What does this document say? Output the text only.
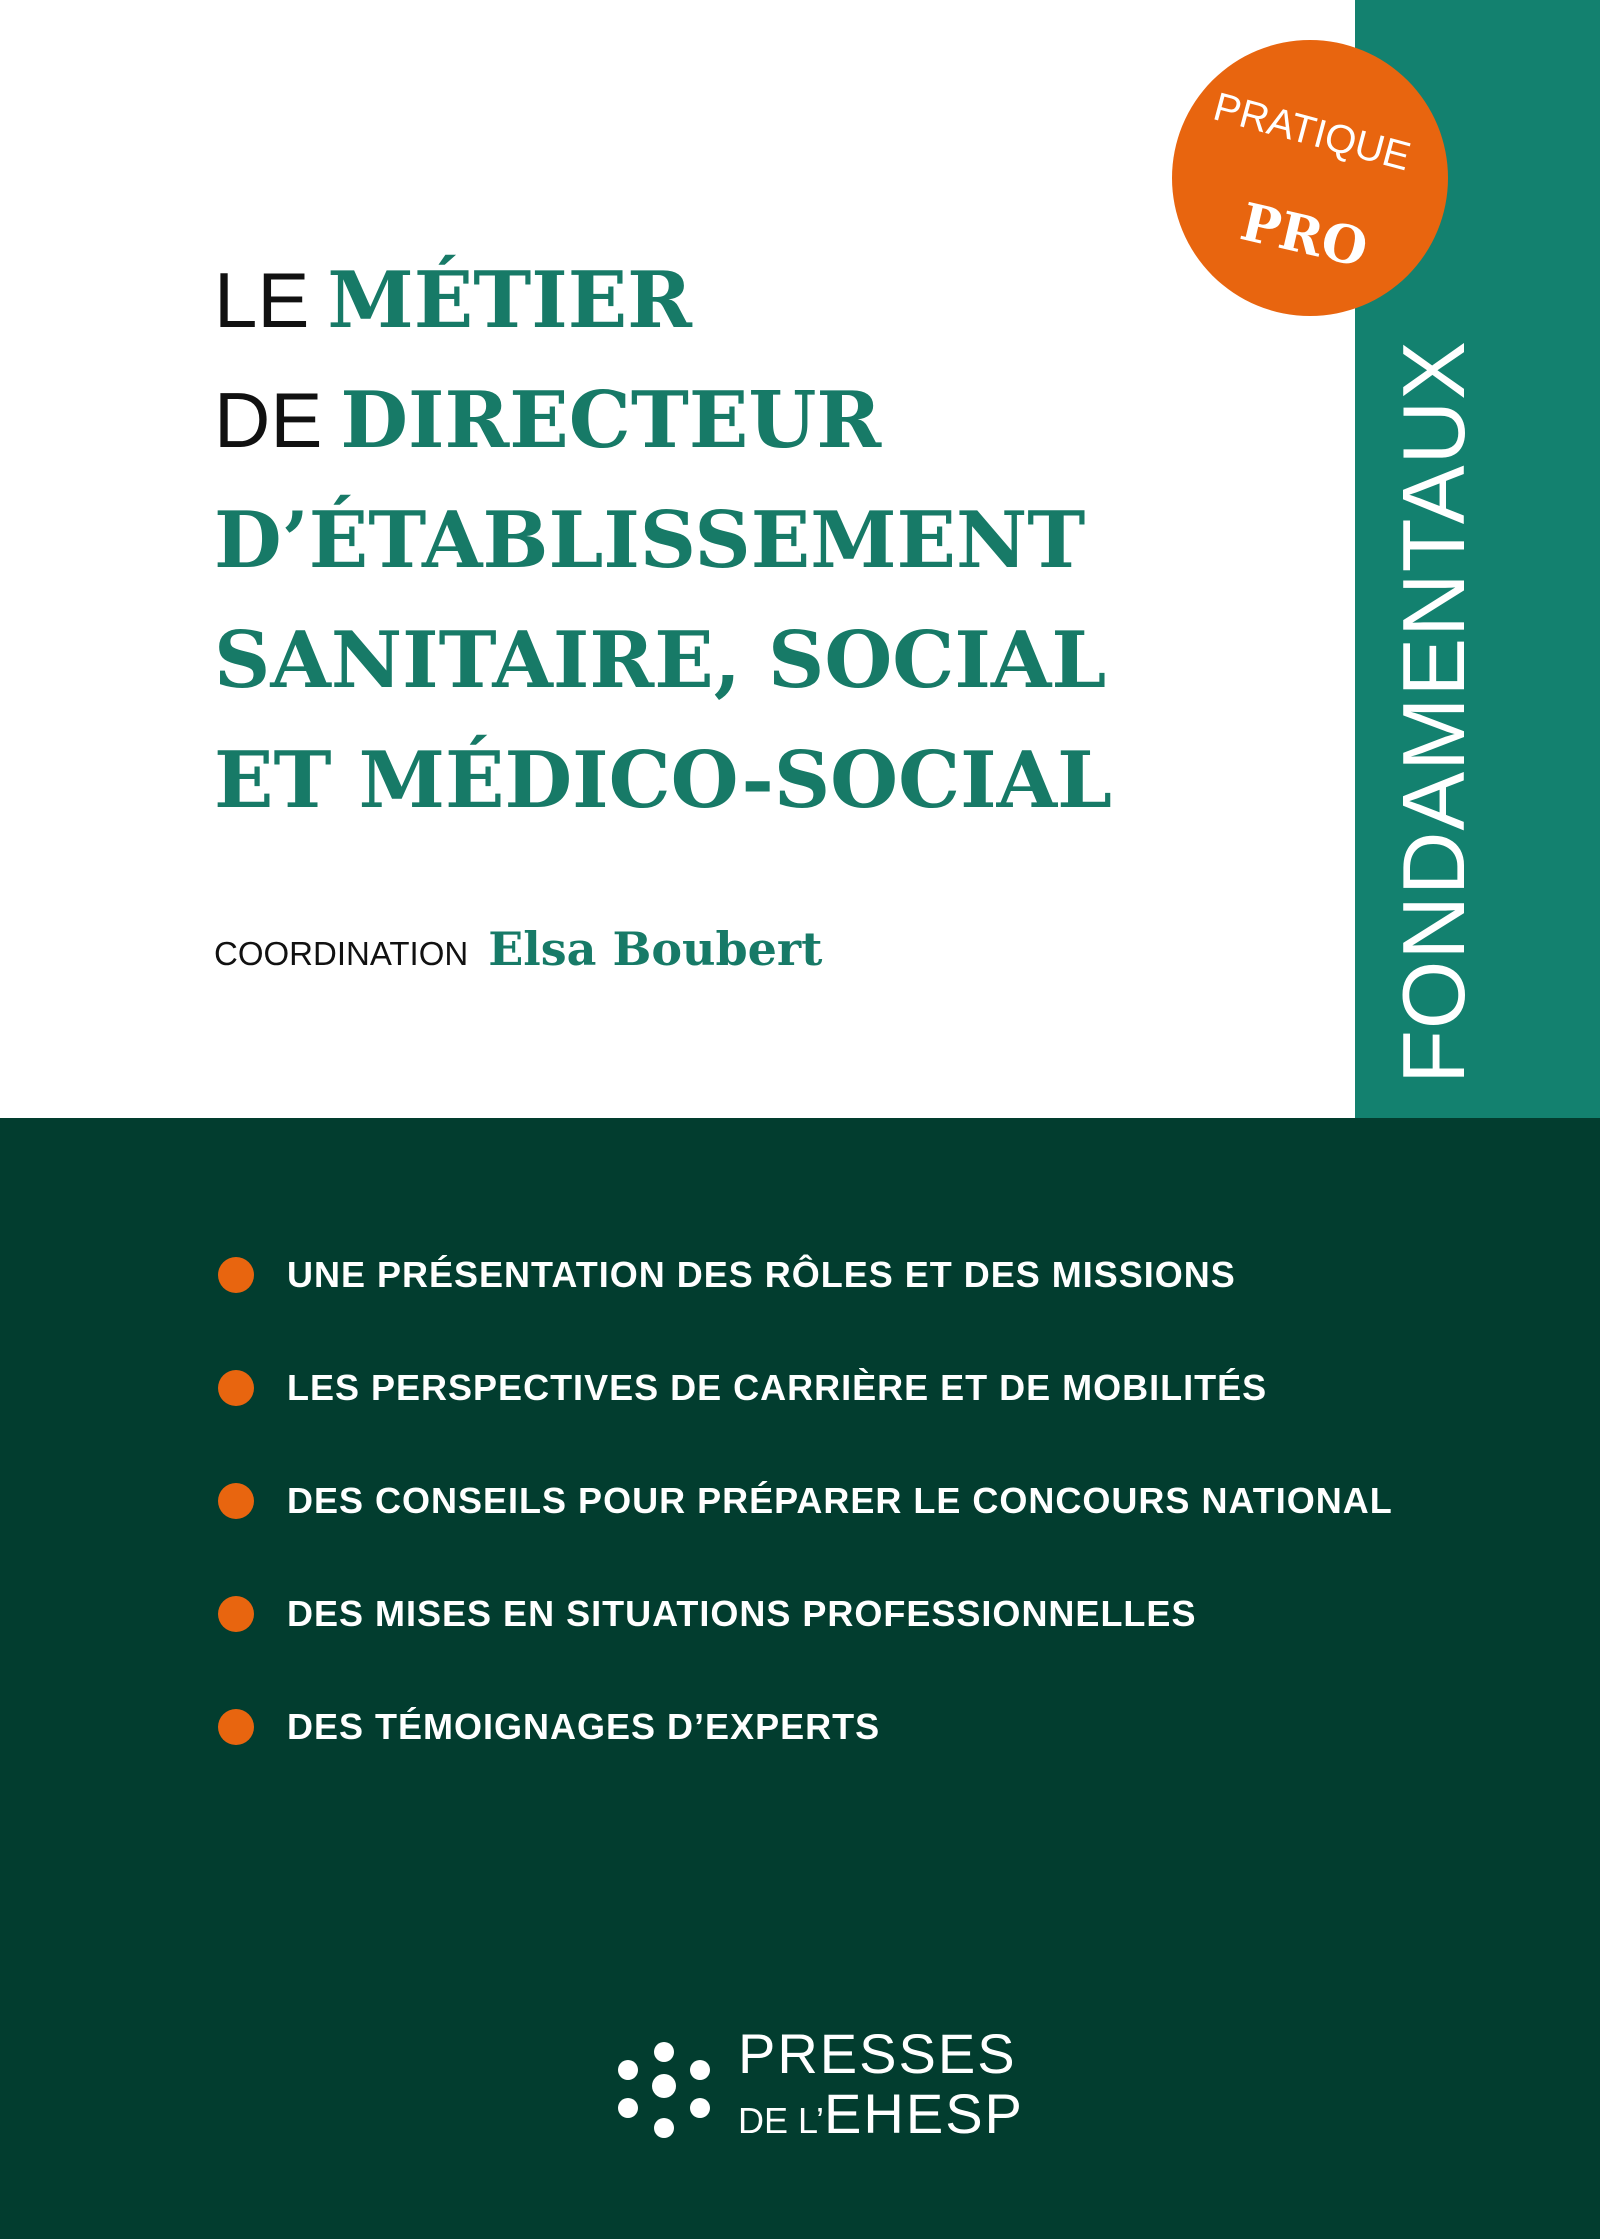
FONDAMENTAUX
PRATIQUE
PRO
LE MÉTIER
DE DIRECTEUR
D’ÉTABLISSEMENT
SANITAIRE, SOCIAL
ET MÉDICO-SOCIAL
COORDINATION Elsa Boubert
UNE PRÉSENTATION DES RÔLES ET DES MISSIONS
LES PERSPECTIVES DE CARRIÈRE ET DE MOBILITÉS
DES CONSEILS POUR PRÉPARER LE CONCOURS NATIONAL
DES MISES EN SITUATIONS PROFESSIONNELLES
DES TÉMOIGNAGES D’EXPERTS
PRESSES
DE L’EHESP
